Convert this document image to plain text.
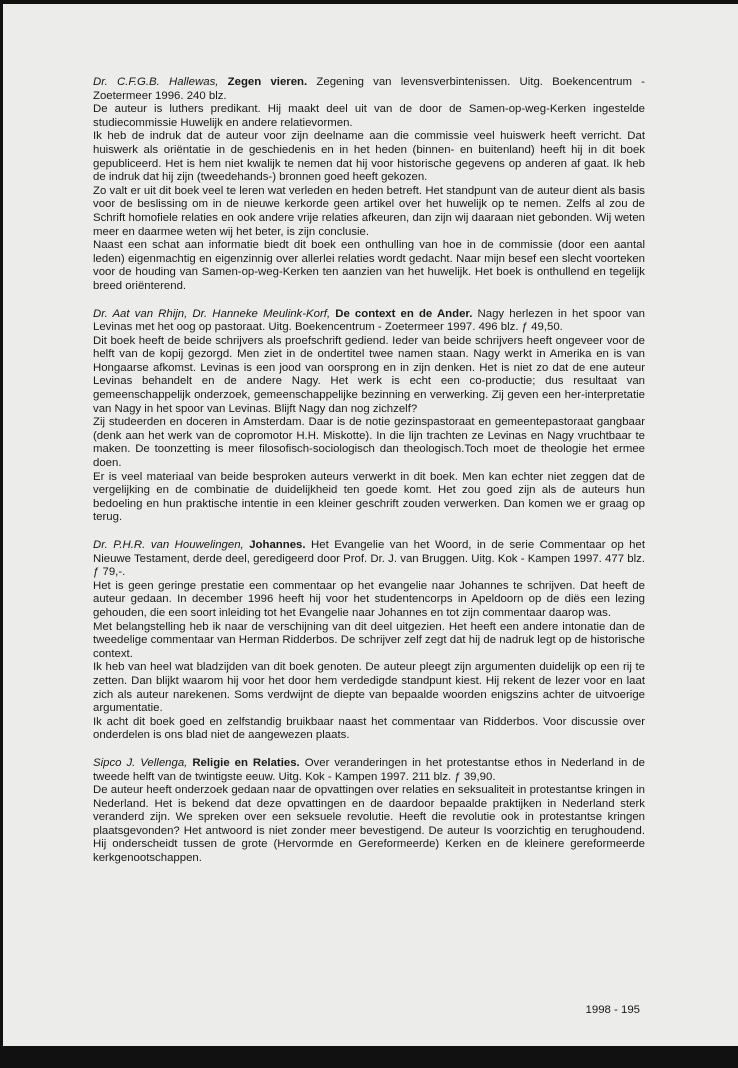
Dr. C.F.G.B. Hallewas, Zegen vieren. Zegening van levensverbintenissen. Uitg. Boekencentrum - Zoetermeer 1996. 240 blz.

De auteur is luthers predikant. Hij maakt deel uit van de door de Samen-op-weg-Kerken ingestelde studiecommissie Huwelijk en andere relatievormen.

Ik heb de indruk dat de auteur voor zijn deelname aan die commissie veel huiswerk heeft verricht. Dat huiswerk als oriëntatie in de geschiedenis en in het heden (binnen- en buitenland) heeft hij in dit boek gepubliceerd. Het is hem niet kwalijk te nemen dat hij voor historische gegevens op anderen af gaat. Ik heb de indruk dat hij zijn (tweedehands-) bronnen goed heeft gekozen.

Zo valt er uit dit boek veel te leren wat verleden en heden betreft. Het standpunt van de auteur dient als basis voor de beslissing om in de nieuwe kerkorde geen artikel over het huwelijk op te nemen. Zelfs al zou de Schrift homofiele relaties en ook andere vrije relaties afkeuren, dan zijn wij daaraan niet gebonden. Wij weten meer en daarmee weten wij het beter, is zijn conclusie.

Naast een schat aan informatie biedt dit boek een onthulling van hoe in de commissie (door een aantal leden) eigenmachtig en eigenzinnig over allerlei relaties wordt gedacht. Naar mijn besef een slecht voorteken voor de houding van Samen-op-weg-Kerken ten aanzien van het huwelijk. Het boek is onthullend en tegelijk breed oriënterend.

Dr. Aat van Rhijn, Dr. Hanneke Meulink-Korf, De context en de Ander. Nagy herlezen in het spoor van Levinas met het oog op pastoraat. Uitg. Boekencentrum - Zoetermeer 1997. 496 blz. ƒ 49,50.

Dit boek heeft de beide schrijvers als proefschrift gediend. Ieder van beide schrijvers heeft ongeveer voor de helft van de kopij gezorgd. Men ziet in de ondertitel twee namen staan. Nagy werkt in Amerika en is van Hongaarse afkomst. Levinas is een jood van oorsprong en in zijn denken. Het is niet zo dat de ene auteur Levinas behandelt en de andere Nagy. Het werk is echt een co-productie; dus resultaat van gemeenschappelijk onderzoek, gemeenschappelijke bezinning en verwerking. Zij geven een her-interpretatie van Nagy in het spoor van Levinas. Blijft Nagy dan nog zichzelf?

Zij studeerden en doceren in Amsterdam. Daar is de notie gezinspastoraat en gemeentepastoraat gangbaar (denk aan het werk van de copromotor H.H. Miskotte). In die lijn trachten ze Levinas en Nagy vruchtbaar te maken. De toonzetting is meer filosofisch-sociologisch dan theologisch.Toch moet de theologie het ermee doen.

Er is veel materiaal van beide besproken auteurs verwerkt in dit boek. Men kan echter niet zeggen dat de vergelijking en de combinatie de duidelijkheid ten goede komt. Het zou goed zijn als de auteurs hun bedoeling en hun praktische intentie in een kleiner geschrift zouden verwerken. Dan komen we er graag op terug.

Dr. P.H.R. van Houwelingen, Johannes. Het Evangelie van het Woord, in de serie Commentaar op het Nieuwe Testament, derde deel, geredigeerd door Prof. Dr. J. van Bruggen. Uitg. Kok - Kampen 1997. 477 blz. ƒ 79,-.

Het is geen geringe prestatie een commentaar op het evangelie naar Johannes te schrijven. Dat heeft de auteur gedaan. In december 1996 heeft hij voor het studentencorps in Apeldoorn op de diës een lezing gehouden, die een soort inleiding tot het Evangelie naar Johannes en tot zijn commentaar daarop was.

Met belangstelling heb ik naar de verschijning van dit deel uitgezien. Het heeft een andere intonatie dan de tweedelige commentaar van Herman Ridderbos. De schrijver zelf zegt dat hij de nadruk legt op de historische context.

Ik heb van heel wat bladzijden van dit boek genoten. De auteur pleegt zijn argumenten duidelijk op een rij te zetten. Dan blijkt waarom hij voor het door hem verdedigde standpunt kiest. Hij rekent de lezer voor en laat zich als auteur narekenen. Soms verdwijnt de diepte van bepaalde woorden enigszins achter de uitvoerige argumentatie.

Ik acht dit boek goed en zelfstandig bruikbaar naast het commentaar van Ridderbos. Voor discussie over onderdelen is ons blad niet de aangewezen plaats.

Sipco J. Vellenga, Religie en Relaties. Over veranderingen in het protestantse ethos in Nederland in de tweede helft van de twintigste eeuw. Uitg. Kok - Kampen 1997. 211 blz. ƒ 39,90.

De auteur heeft onderzoek gedaan naar de opvattingen over relaties en seksualiteit in protestantse kringen in Nederland. Het is bekend dat deze opvattingen en de daardoor bepaalde praktijken in Nederland sterk veranderd zijn. We spreken over een seksuele revolutie. Heeft die revolutie ook in protestantse kringen plaatsgevonden? Het antwoord is niet zonder meer bevestigend. De auteur Is voorzichtig en terughoudend. Hij onderscheidt tussen de grote (Hervormde en Gereformeerde) Kerken en de kleinere gereformeerde kerkgenootschappen.

1998 - 195
